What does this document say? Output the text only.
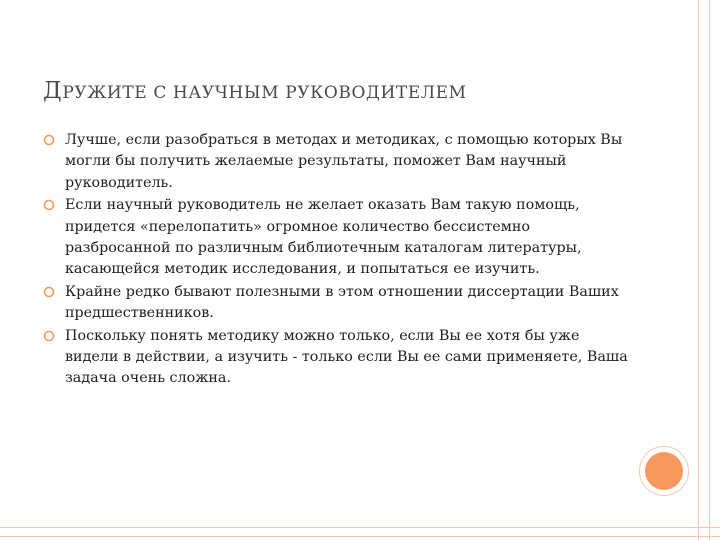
ДРУЖИТЕ С НАУЧНЫМ РУКОВОДИТЕЛЕМ
Лучше, если разобраться в методах и методиках, с помощью которых Вы могли бы получить желаемые результаты, поможет Вам научный руководитель.
Если научный руководитель не желает оказать Вам такую помощь, придется «перелопатить» огромное количество бессистемно разбросанной по различным библиотечным каталогам литературы, касающейся методик исследования, и попытаться ее изучить.
Крайне редко бывают полезными в этом отношении диссертации Ваших предшественников.
Поскольку понять методику можно только, если Вы ее хотя бы уже видели в действии, а изучить - только если Вы ее сами применяете, Ваша задача очень сложна.
